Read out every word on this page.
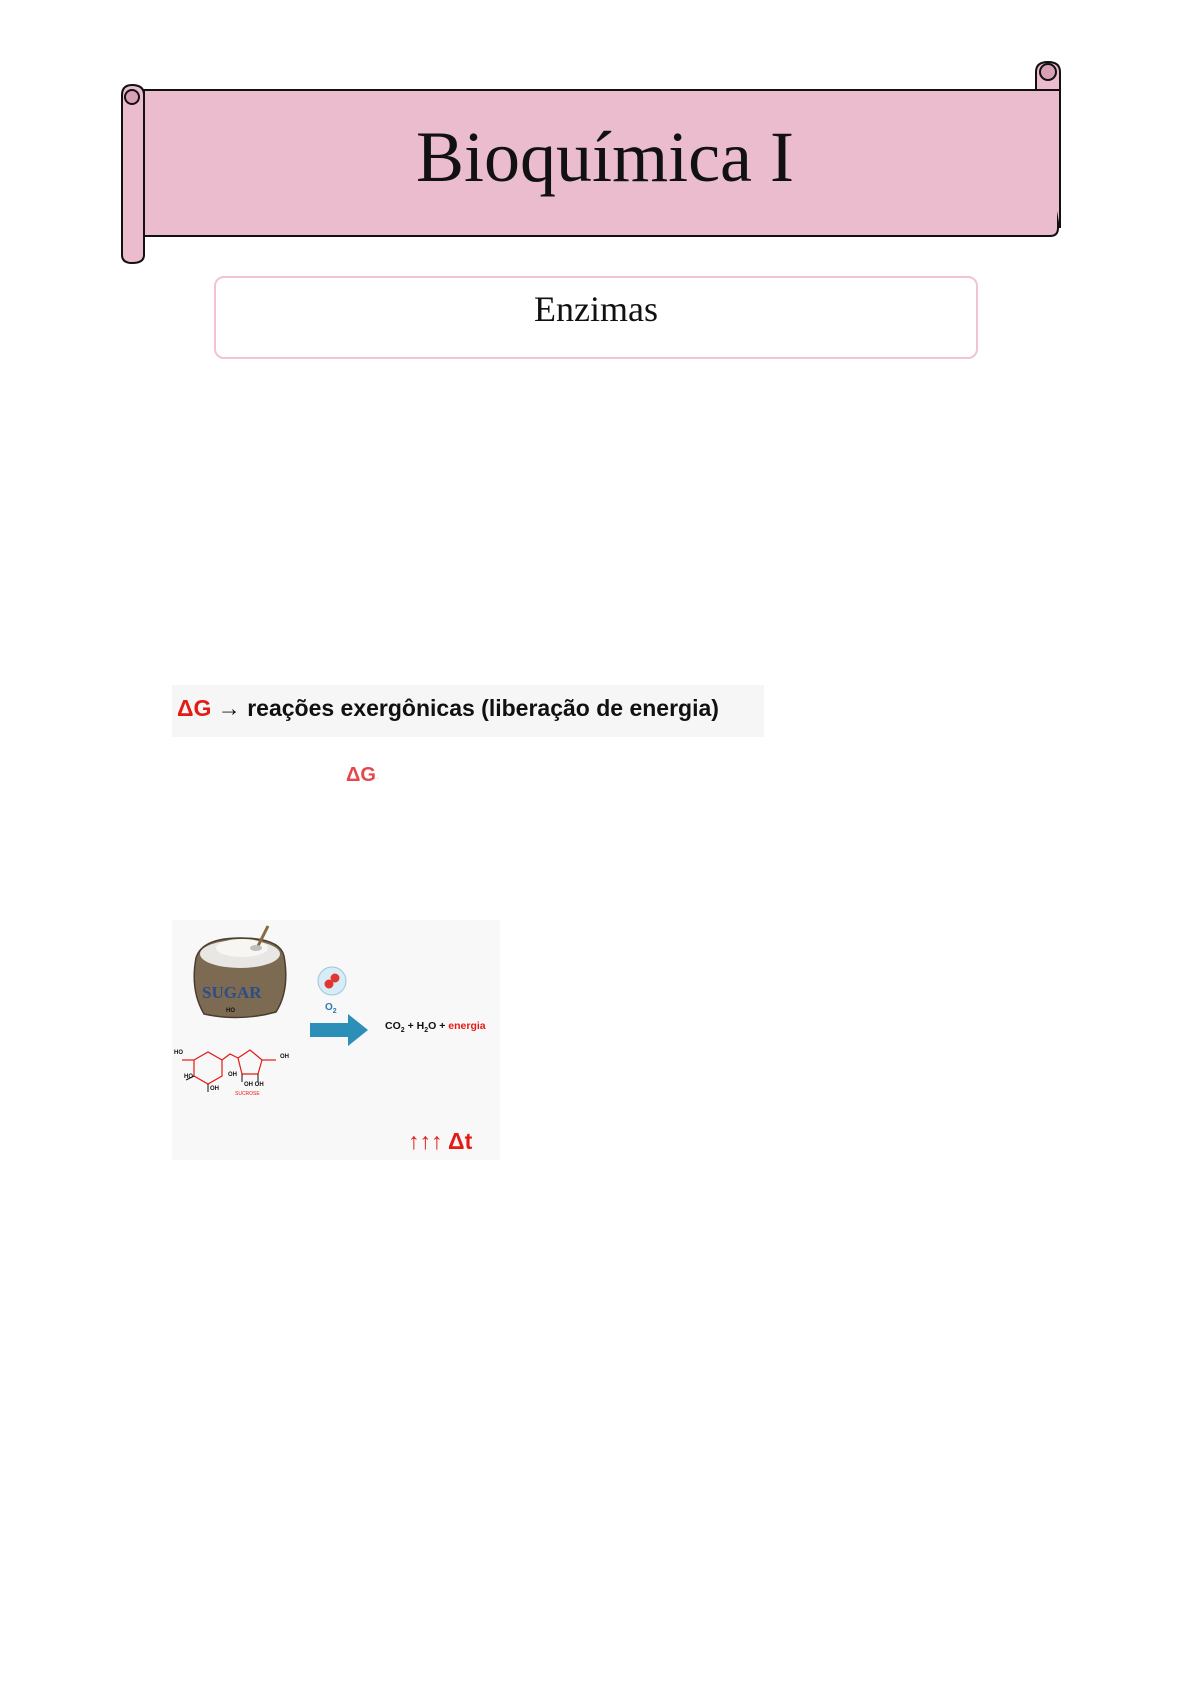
Bioquímica I
Enzimas
ΔG → reações exergônicas (liberação de energia)
ΔG·
SUGAR
HO
HO
HO	OH
OH
OH OH
OH
SUCROSE
$O_2$
$CO_2 + H_2O$ + energia
↑↑↑ Δt
